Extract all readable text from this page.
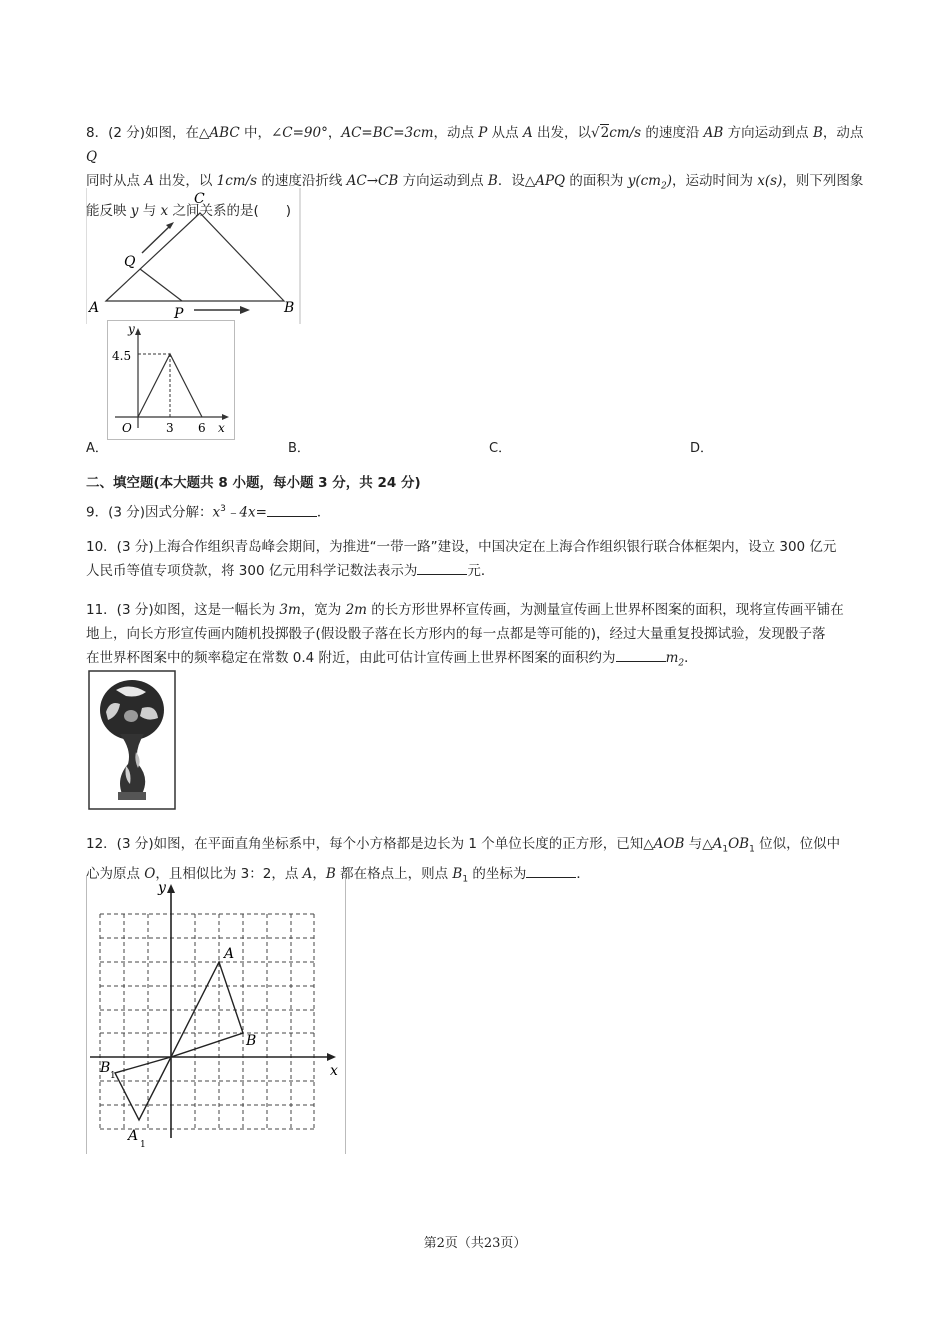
8．(2 分)如图，在△ABC 中，∠C=90°，AC=BC=3cm，动点 P 从点 A 出发，以√2cm/s 的速度沿 AB 方向运动到点 B，动点 Q
同时从点 A 出发，以 1cm/s 的速度沿折线 AC→CB 方向运动到点 B．设△APQ 的面积为 $y(cm_2)$，运动时间为 x(s)，则下列图象
能反映 y 与 x 之间关系的是(　　)
C
Q
A	P	B
y
4.5
O	3 6 x
A．	B．	C．	D．
二、填空题(本大题共 8 小题，每小题 3 分，共 24 分)
9．(3 分)因式分解：$x^3﹣4x=$	．
10．(3 分)上海合作组织青岛峰会期间，为推进“一带一路”建设，中国决定在上海合作组织银行联合体框架内，设立 300 亿元
人民币等值专项贷款，将 300 亿元用科学记数法表示为	元．
11．(3 分)如图，这是一幅长为 3m，宽为 2m 的长方形世界杯宣传画，为测量宣传画上世界杯图案的面积，现将宣传画平铺在
地上，向长方形宣传画内随机投掷骰子(假设骰子落在长方形内的每一点都是等可能的)，经过大量重复投掷试验，发现骰子落
在世界杯图案中的频率稳定在常数 0.4 附近，由此可估计宣传画上世界杯图案的面积约为	$m_2$．
12．(3 分)如图，在平面直角坐标系中，每个小方格都是边长为 1 个单位长度的正方形，已知△AOB 与$\triangle A_1OB_1$ 位似，位似中
心为原点 O，且相似比为 3：2，点 A，B 都在格点上，则点 $B_1$ 的坐标为	．
y
x
A
B
B 1
A
1
第2页（共23页）
